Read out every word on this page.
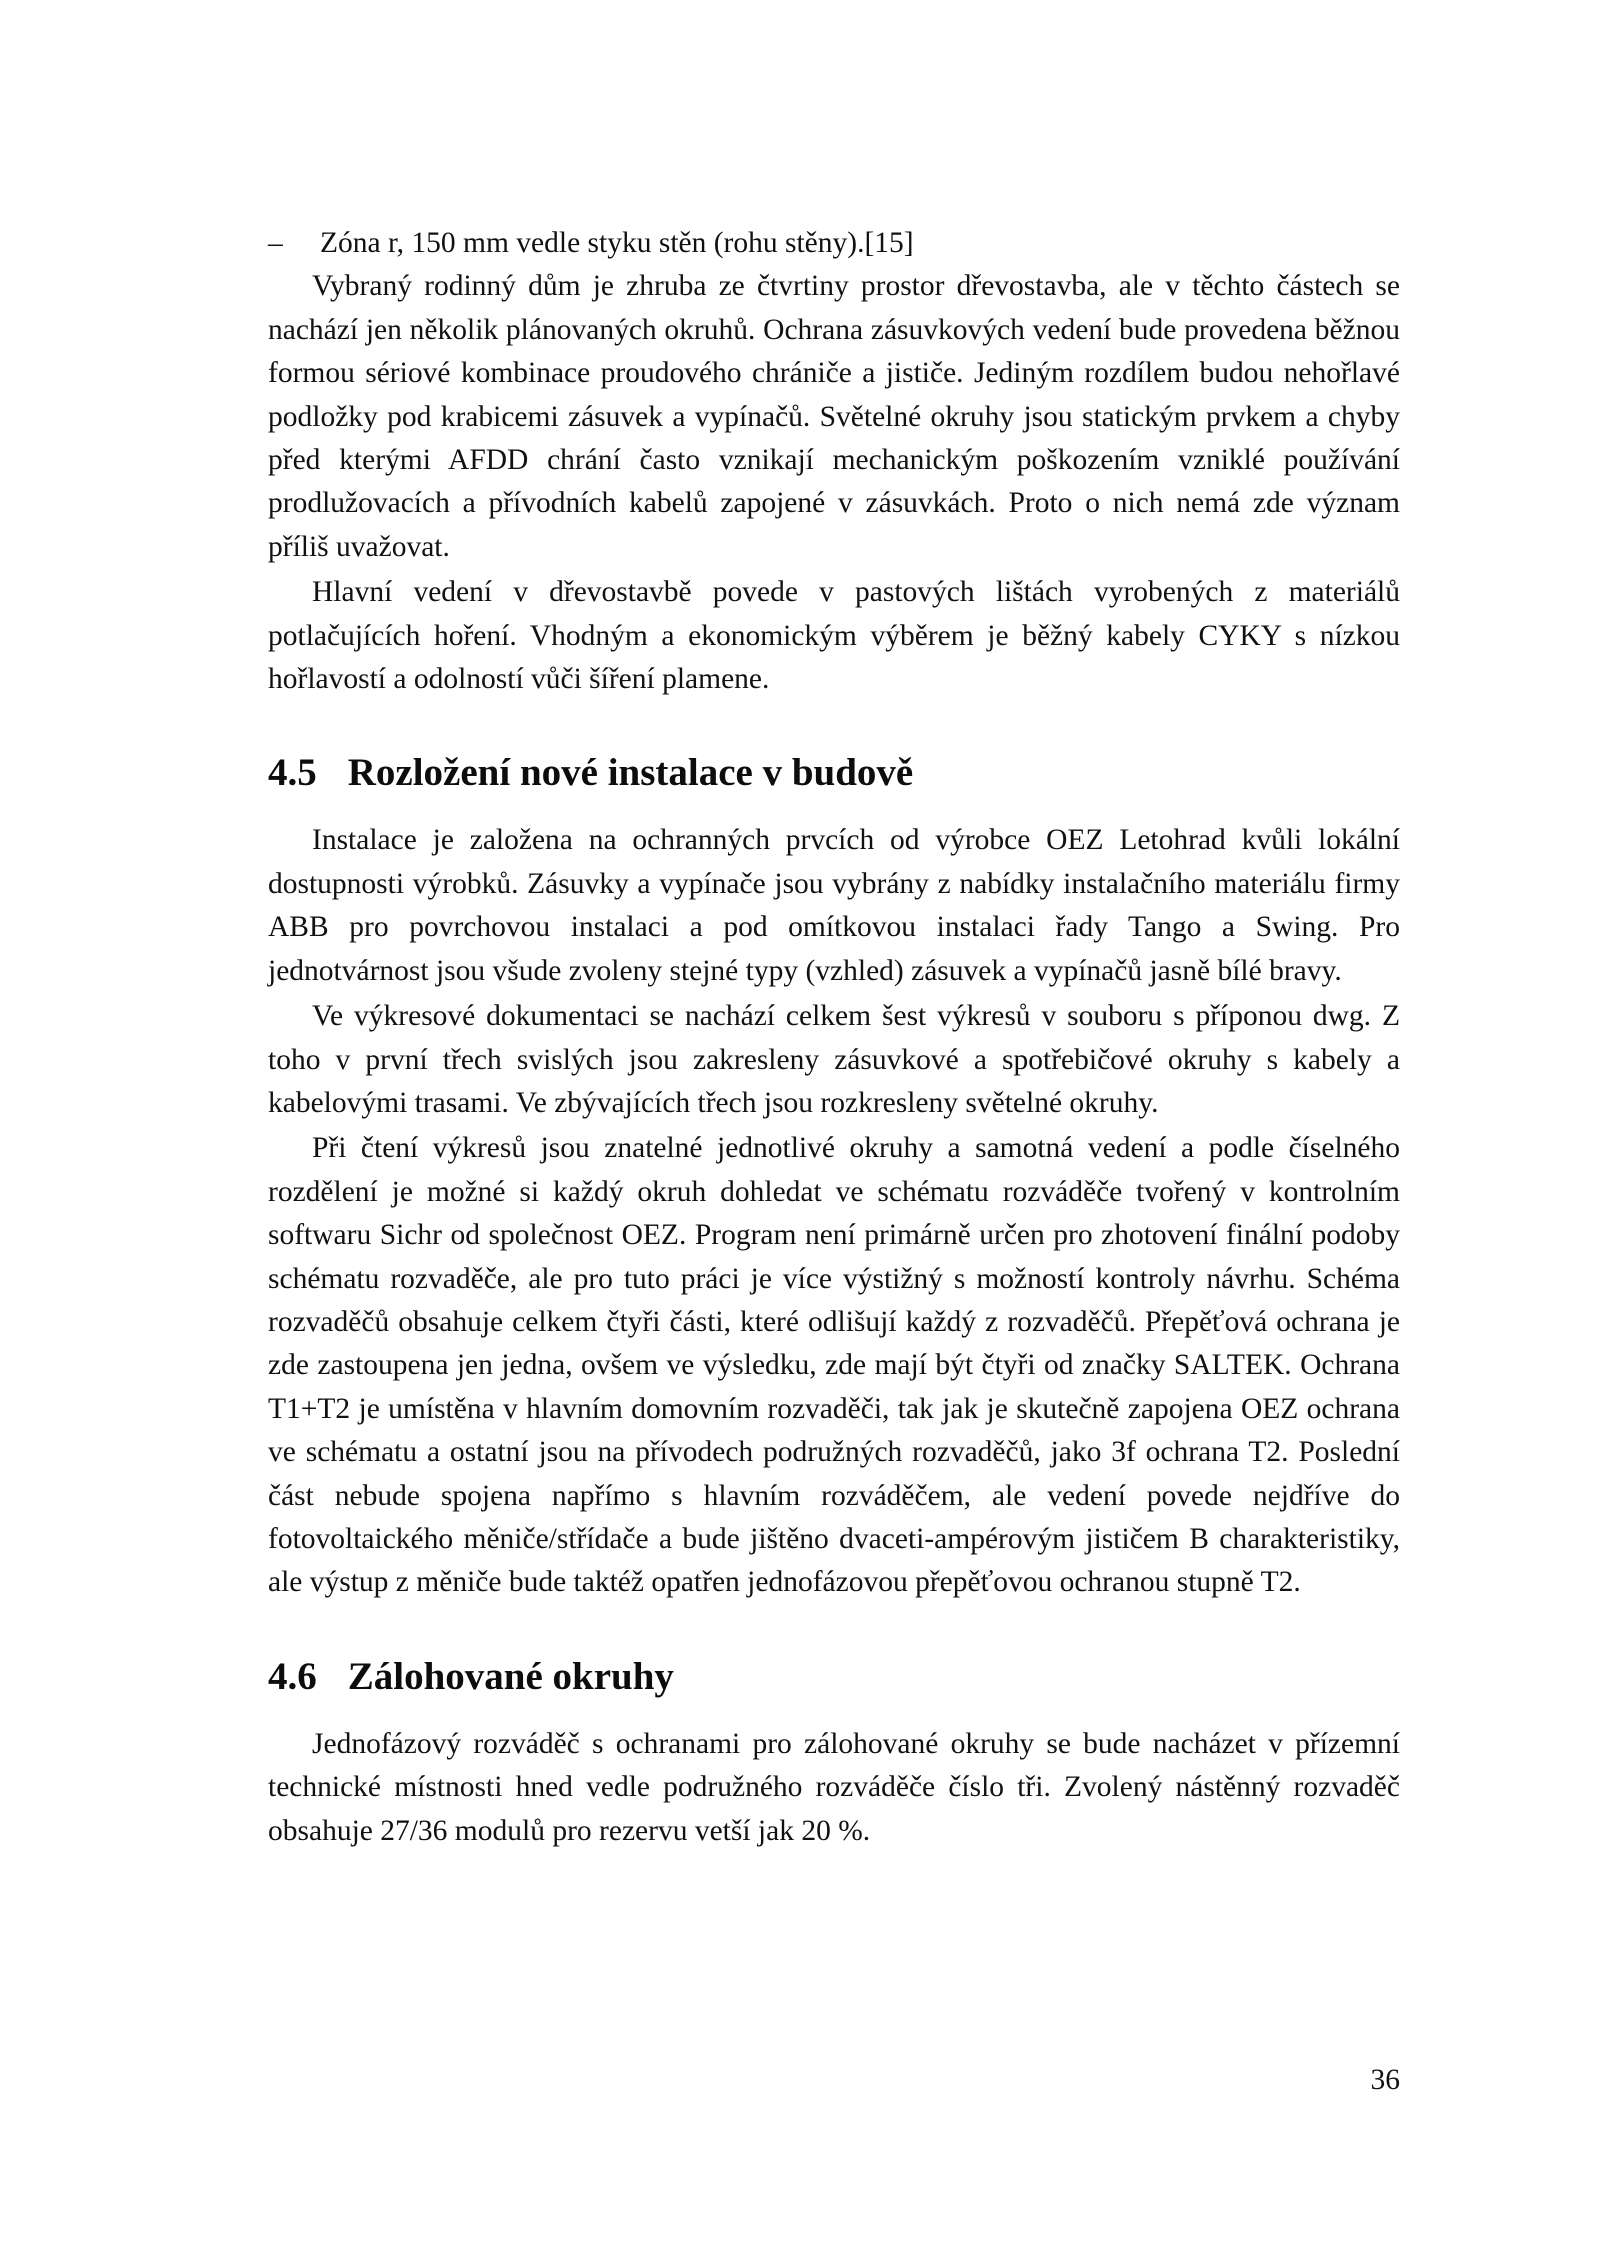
– Zóna r, 150 mm vedle styku stěn (rohu stěny).[15]

Vybraný rodinný dům je zhruba ze čtvrtiny prostor dřevostavba, ale v těchto částech se nachází jen několik plánovaných okruhů. Ochrana zásuvkových vedení bude provedena běžnou formou sériové kombinace proudového chrániče a jističe. Jediným rozdílem budou nehořlavé podložky pod krabicemi zásuvek a vypínačů. Světelné okruhy jsou statickým prvkem a chyby před kterými AFDD chrání často vznikají mechanickým poškozením vzniklé používání prodlužovacích a přívodních kabelů zapojené v zásuvkách. Proto o nich nemá zde význam příliš uvažovat.

Hlavní vedení v dřevostavbě povede v pastových lištách vyrobených z materiálů potlačujících hoření. Vhodným a ekonomickým výběrem je běžný kabely CYKY s nízkou hořlavostí a odolností vůči šíření plamene.

4.5 Rozložení nové instalace v budově

Instalace je založena na ochranných prvcích od výrobce OEZ Letohrad kvůli lokální dostupnosti výrobků. Zásuvky a vypínače jsou vybrány z nabídky instalačního materiálu firmy ABB pro povrchovou instalaci a pod omítkovou instalaci řady Tango a Swing. Pro jednotvárnost jsou všude zvoleny stejné typy (vzhled) zásuvek a vypínačů jasně bílé bravy.

Ve výkresové dokumentaci se nachází celkem šest výkresů v souboru s příponou dwg. Z toho v první třech svislých jsou zakresleny zásuvkové a spotřebičové okruhy s kabely a kabelovými trasami. Ve zbývajících třech jsou rozkresleny světelné okruhy.

Při čtení výkresů jsou znatelné jednotlivé okruhy a samotná vedení a podle číselného rozdělení je možné si každý okruh dohledat ve schématu rozváděče tvořený v kontrolním softwaru Sichr od společnost OEZ. Program není primárně určen pro zhotovení finální podoby schématu rozvaděče, ale pro tuto práci je více výstižný s možností kontroly návrhu. Schéma rozvaděčů obsahuje celkem čtyři části, které odlišují každý z rozvaděčů. Přepěťová ochrana je zde zastoupena jen jedna, ovšem ve výsledku, zde mají být čtyři od značky SALTEK. Ochrana T1+T2 je umístěna v hlavním domovním rozvaděči, tak jak je skutečně zapojena OEZ ochrana ve schématu a ostatní jsou na přívodech podružných rozvaděčů, jako 3f ochrana T2. Poslední část nebude spojena napřímo s hlavním rozváděčem, ale vedení povede nejdříve do fotovoltaického měniče/střídače a bude jištěno dvaceti-ampérovým jističem B charakteristiky, ale výstup z měniče bude taktéž opatřen jednofázovou přepěťovou ochranou stupně T2.

4.6 Zálohované okruhy

Jednofázový rozváděč s ochranami pro zálohované okruhy se bude nacházet v přízemní technické místnosti hned vedle podružného rozváděče číslo tři. Zvolený nástěnný rozvaděč obsahuje 27/36 modulů pro rezervu vetší jak 20 %.

36
